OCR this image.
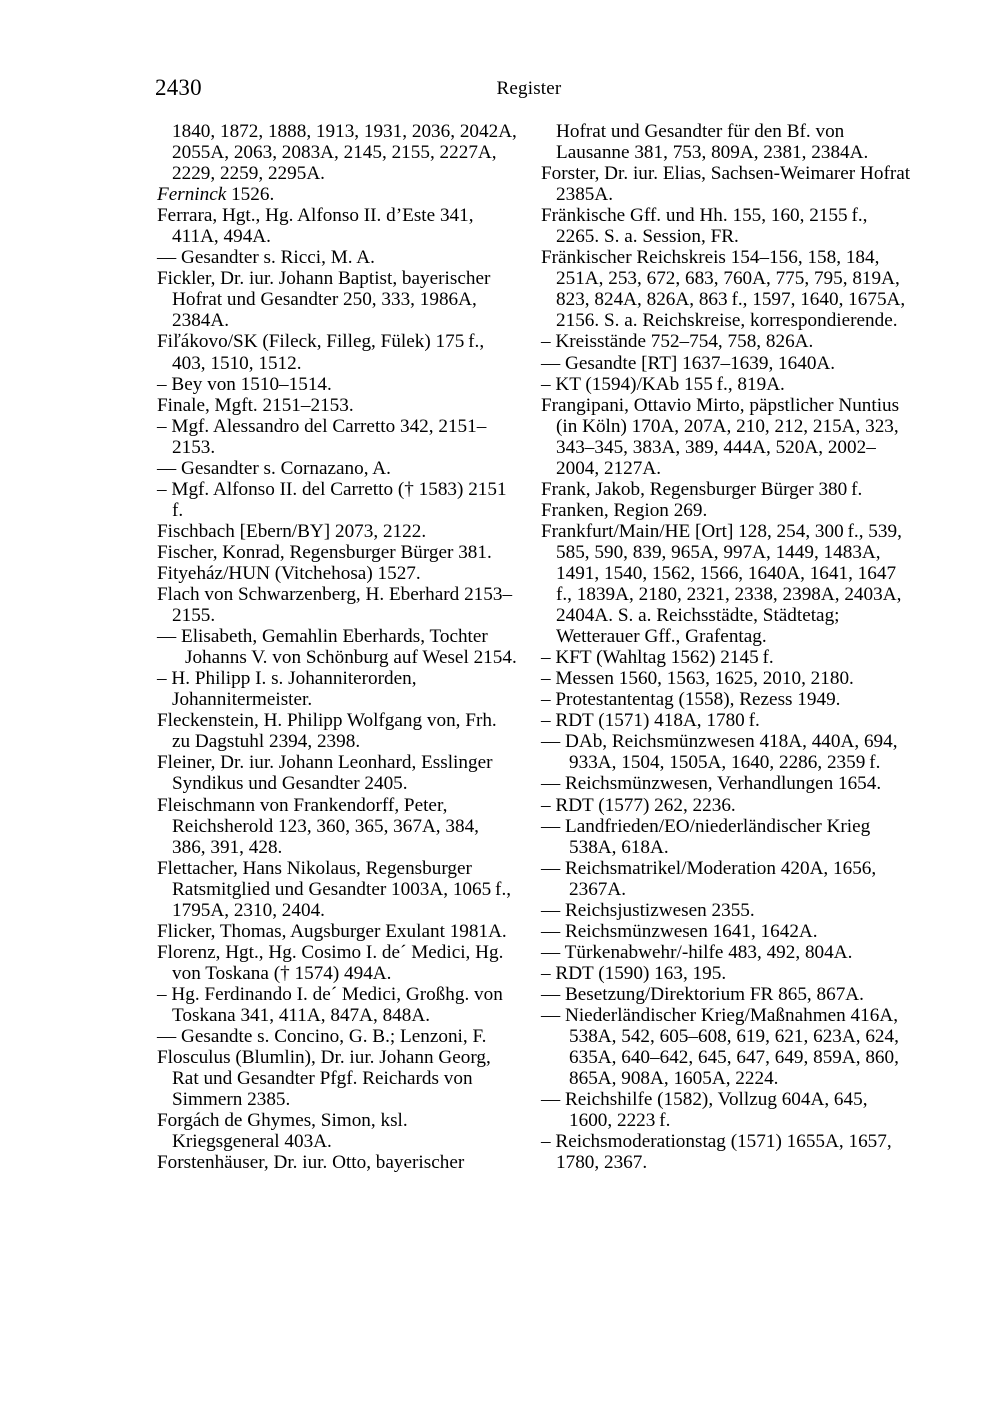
2430	Register
1840, 1872, 1888, 1913, 1931, 2036, 2042A, 2055A, 2063, 2083A, 2145, 2155, 2227A, 2229, 2259, 2295A.
Ferninck 1526.
Ferrara, Hgt., Hg. Alfonso II. d’Este 341, 411A, 494A.
–– Gesandter s. Ricci, M. A.
Fickler, Dr. iur. Johann Baptist, bayerischer Hofrat und Gesandter 250, 333, 1986A, 2384A.
Fiľákovo/SK (Fileck, Filleg, Fülek) 175 f., 403, 1510, 1512.
– Bey von 1510–1514.
Finale, Mgft. 2151–2153.
– Mgf. Alessandro del Carretto 342, 2151–2153.
–– Gesandter s. Cornazano, A.
– Mgf. Alfonso II. del Carretto († 1583) 2151 f.
Fischbach [Ebern/BY] 2073, 2122.
Fischer, Konrad, Regensburger Bürger 381.
Fityeház/HUN (Vitchehosa) 1527.
Flach von Schwarzenberg, H. Eberhard 2153–2155.
–– Elisabeth, Gemahlin Eberhards, Tochter Johanns V. von Schönburg auf Wesel 2154.
– H. Philipp I. s. Johanniterorden, Johannitermeister.
Fleckenstein, H. Philipp Wolfgang von, Frh. zu Dagstuhl 2394, 2398.
Fleiner, Dr. iur. Johann Leonhard, Esslinger Syndikus und Gesandter 2405.
Fleischmann von Frankendorff, Peter, Reichsherold 123, 360, 365, 367A, 384, 386, 391, 428.
Flettacher, Hans Nikolaus, Regensburger Ratsmitglied und Gesandter 1003A, 1065 f., 1795A, 2310, 2404.
Flicker, Thomas, Augsburger Exulant 1981A.
Florenz, Hgt., Hg. Cosimo I. de´ Medici, Hg. von Toskana († 1574) 494A.
– Hg. Ferdinando I. de´ Medici, Großhg. von Toskana 341, 411A, 847A, 848A.
–– Gesandte s. Concino, G. B.; Lenzoni, F.
Flosculus (Blumlin), Dr. iur. Johann Georg, Rat und Gesandter Pfgf. Reichards von Simmern 2385.
Forgách de Ghymes, Simon, ksl. Kriegsgeneral 403A.
Forstenhäuser, Dr. iur. Otto, bayerischer
Hofrat und Gesandter für den Bf. von Lausanne 381, 753, 809A, 2381, 2384A.
Forster, Dr. iur. Elias, Sachsen-Weimarer Hofrat 2385A.
Fränkische Gff. und Hh. 155, 160, 2155 f., 2265. S. a. Session, FR.
Fränkischer Reichskreis 154–156, 158, 184, 251A, 253, 672, 683, 760A, 775, 795, 819A, 823, 824A, 826A, 863 f., 1597, 1640, 1675A, 2156. S. a. Reichskreise, korrespondierende.
– Kreisstände 752–754, 758, 826A.
–– Gesandte [RT] 1637–1639, 1640A.
– KT (1594)/KAb 155 f., 819A.
Frangipani, Ottavio Mirto, päpstlicher Nuntius (in Köln) 170A, 207A, 210, 212, 215A, 323, 343–345, 383A, 389, 444A, 520A, 2002–2004, 2127A.
Frank, Jakob, Regensburger Bürger 380 f.
Franken, Region 269.
Frankfurt/Main/HE [Ort] 128, 254, 300 f., 539, 585, 590, 839, 965A, 997A, 1449, 1483A, 1491, 1540, 1562, 1566, 1640A, 1641, 1647 f., 1839A, 2180, 2321, 2338, 2398A, 2403A, 2404A. S. a. Reichsstädte, Städtetag; Wetterauer Gff., Grafentag.
– KFT (Wahltag 1562) 2145 f.
– Messen 1560, 1563, 1625, 2010, 2180.
– Protestantentag (1558), Rezess 1949.
– RDT (1571) 418A, 1780 f.
–– DAb, Reichsmünzwesen 418A, 440A, 694, 933A, 1504, 1505A, 1640, 2286, 2359 f.
–– Reichsmünzwesen, Verhandlungen 1654.
– RDT (1577) 262, 2236.
–– Landfrieden/EO/niederländischer Krieg 538A, 618A.
–– Reichsmatrikel/Moderation 420A, 1656, 2367A.
–– Reichsjustizwesen 2355.
–– Reichsmünzwesen 1641, 1642A.
–– Türkenabwehr/-hilfe 483, 492, 804A.
– RDT (1590) 163, 195.
–– Besetzung/Direktorium FR 865, 867A.
–– Niederländischer Krieg/Maßnahmen 416A, 538A, 542, 605–608, 619, 621, 623A, 624, 635A, 640–642, 645, 647, 649, 859A, 860, 865A, 908A, 1605A, 2224.
–– Reichshilfe (1582), Vollzug 604A, 645, 1600, 2223 f.
– Reichsmoderationstag (1571) 1655A, 1657, 1780, 2367.
